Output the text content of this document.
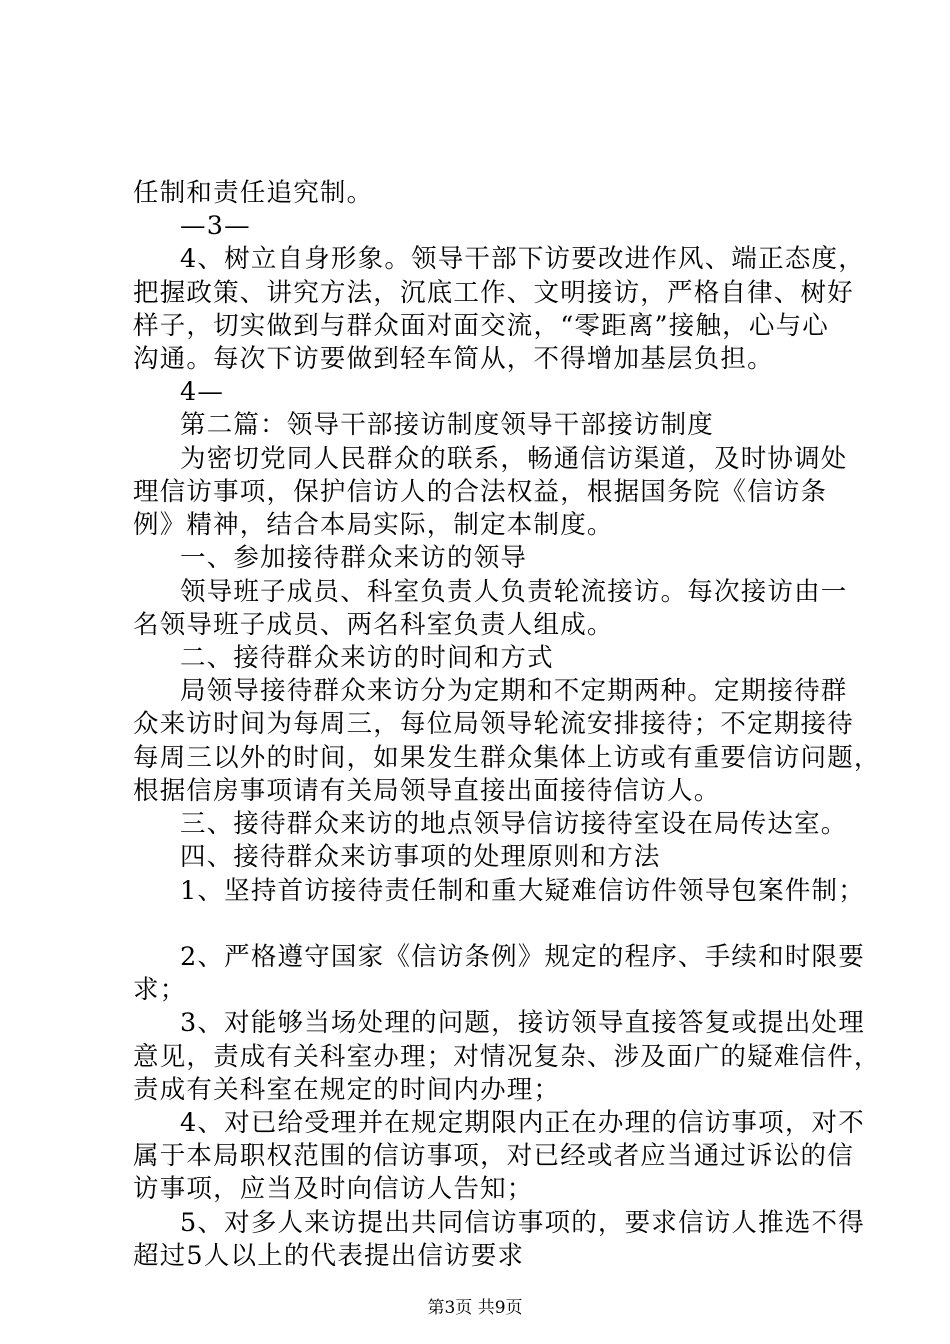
任制和责任追究制。
—3—
4、树立自身形象。领导干部下访要改进作风、端正态度，
把握政策、讲究方法，沉底工作、文明接访，严格自律、树好
样子，切实做到与群众面对面交流，“零距离”接触，心与心
沟通。每次下访要做到轻车简从，不得增加基层负担。
4—
第二篇：领导干部接访制度领导干部接访制度
为密切党同人民群众的联系，畅通信访渠道，及时协调处
理信访事项，保护信访人的合法权益，根据国务院《信访条
例》精神，结合本局实际，制定本制度。
一、参加接待群众来访的领导
领导班子成员、科室负责人负责轮流接访。每次接访由一
名领导班子成员、两名科室负责人组成。
二、接待群众来访的时间和方式
局领导接待群众来访分为定期和不定期两种。定期接待群
众来访时间为每周三，每位局领导轮流安排接待；不定期接待
每周三以外的时间，如果发生群众集体上访或有重要信访问题，
根据信房事项请有关局领导直接出面接待信访人。
三、接待群众来访的地点领导信访接待室设在局传达室。
四、接待群众来访事项的处理原则和方法
1、坚持首访接待责任制和重大疑难信访件领导包案件制；
2、严格遵守国家《信访条例》规定的程序、手续和时限要
求；
3、对能够当场处理的问题，接访领导直接答复或提出处理
意见，责成有关科室办理；对情况复杂、涉及面广的疑难信件，
责成有关科室在规定的时间内办理；
4、对已给受理并在规定期限内正在办理的信访事项，对不
属于本局职权范围的信访事项，对已经或者应当通过诉讼的信
访事项，应当及时向信访人告知；
5、对多人来访提出共同信访事项的，要求信访人推选不得
超过5人以上的代表提出信访要求
第3页 共9页
